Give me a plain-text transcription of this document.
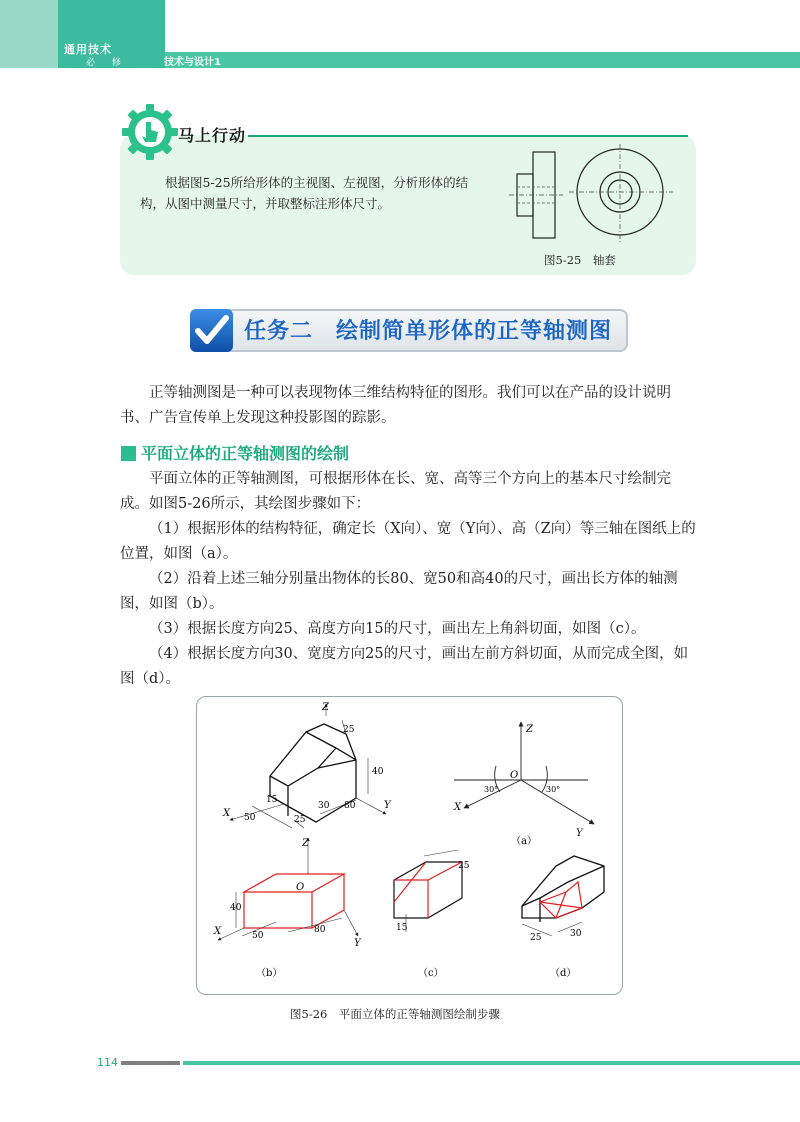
通用技术
必 修	技术与设计1
马上行动
根据图5-25所给形体的主视图、左视图，分析形体的结构，从图中测量尺寸，并取整标注形体尺寸。
图5-25　轴套
任务二　绘制简单形体的正等轴测图

正等轴测图是一种可以表现物体三维结构特征的图形。我们可以在产品的设计说明书、广告宣传单上发现这种投影图的踪影。

平面立体的正等轴测图的绘制

平面立体的正等轴测图，可根据形体在长、宽、高等三个方向上的基本尺寸绘制完成。如图5-26所示，其绘图步骤如下：

（1）根据形体的结构特征，确定长（X向）、宽（Y向）、高（Z向）等三轴在图纸上的位置，如图（a）。

（2）沿着上述三轴分别量出物体的长80、宽50和高40的尺寸，画出长方体的轴测图，如图（b）。

（3）根据长度方向25、高度方向15的尺寸，画出左上角斜切面，如图（c）。

（4）根据长度方向30、宽度方向25的尺寸，画出左前方斜切面，从而完成全图，如图（d）。

Z
X
Y
25
40
50
15
25
30 80
Z
O
X
Y
30°	30°
（a）
Z
O
X
Y
40
50
80
（b）
25
15
（c）
25	30
（d）
图5-26　平面立体的正等轴测图绘制步骤
114
